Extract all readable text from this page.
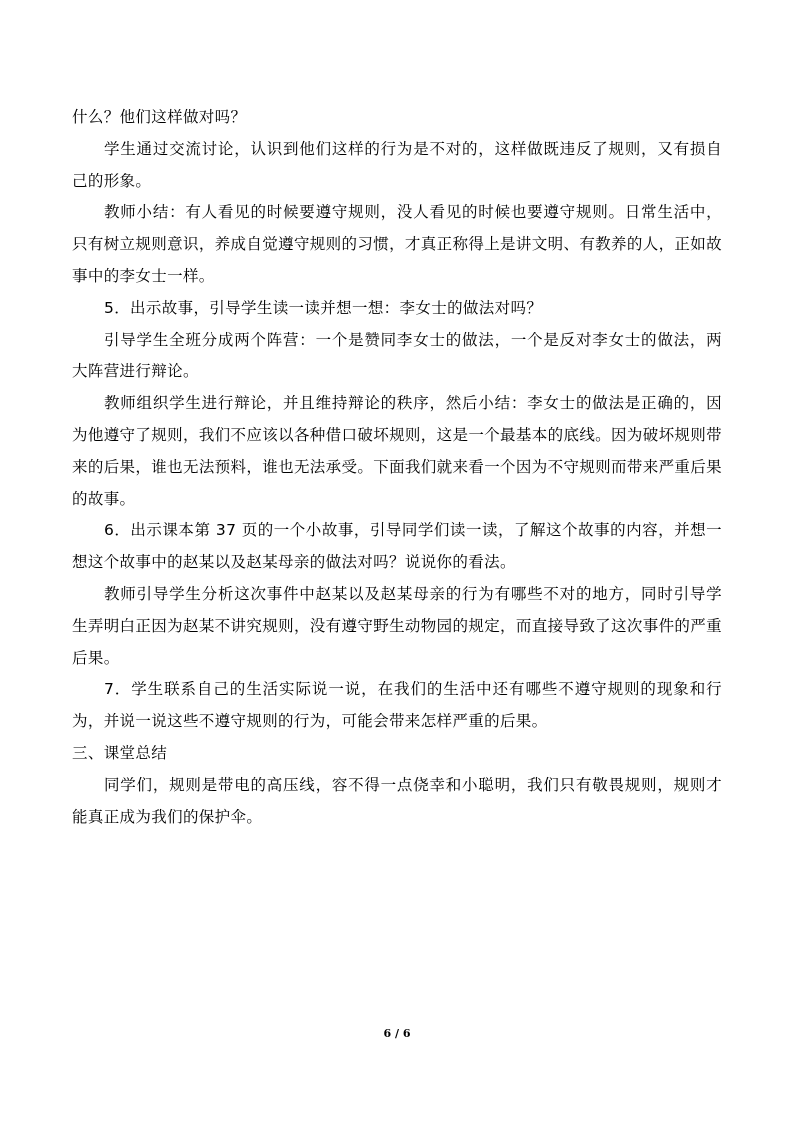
什么？他们这样做对吗？

学生通过交流讨论，认识到他们这样的行为是不对的，这样做既违反了规则，又有损自己的形象。

教师小结：有人看见的时候要遵守规则，没人看见的时候也要遵守规则。日常生活中，只有树立规则意识，养成自觉遵守规则的习惯，才真正称得上是讲文明、有教养的人，正如故事中的李女士一样。

5．出示故事，引导学生读一读并想一想：李女士的做法对吗？

引导学生全班分成两个阵营：一个是赞同李女士的做法，一个是反对李女士的做法，两大阵营进行辩论。

教师组织学生进行辩论，并且维持辩论的秩序，然后小结：李女士的做法是正确的，因为他遵守了规则，我们不应该以各种借口破坏规则，这是一个最基本的底线。因为破坏规则带来的后果，谁也无法预料，谁也无法承受。下面我们就来看一个因为不守规则而带来严重后果的故事。

6．出示课本第 37 页的一个小故事，引导同学们读一读，了解这个故事的内容，并想一想这个故事中的赵某以及赵某母亲的做法对吗？说说你的看法。

教师引导学生分析这次事件中赵某以及赵某母亲的行为有哪些不对的地方，同时引导学生弄明白正因为赵某不讲究规则，没有遵守野生动物园的规定，而直接导致了这次事件的严重后果。

7．学生联系自己的生活实际说一说，在我们的生活中还有哪些不遵守规则的现象和行为，并说一说这些不遵守规则的行为，可能会带来怎样严重的后果。

三、课堂总结

同学们，规则是带电的高压线，容不得一点侥幸和小聪明，我们只有敬畏规则，规则才能真正成为我们的保护伞。

6 / 6
